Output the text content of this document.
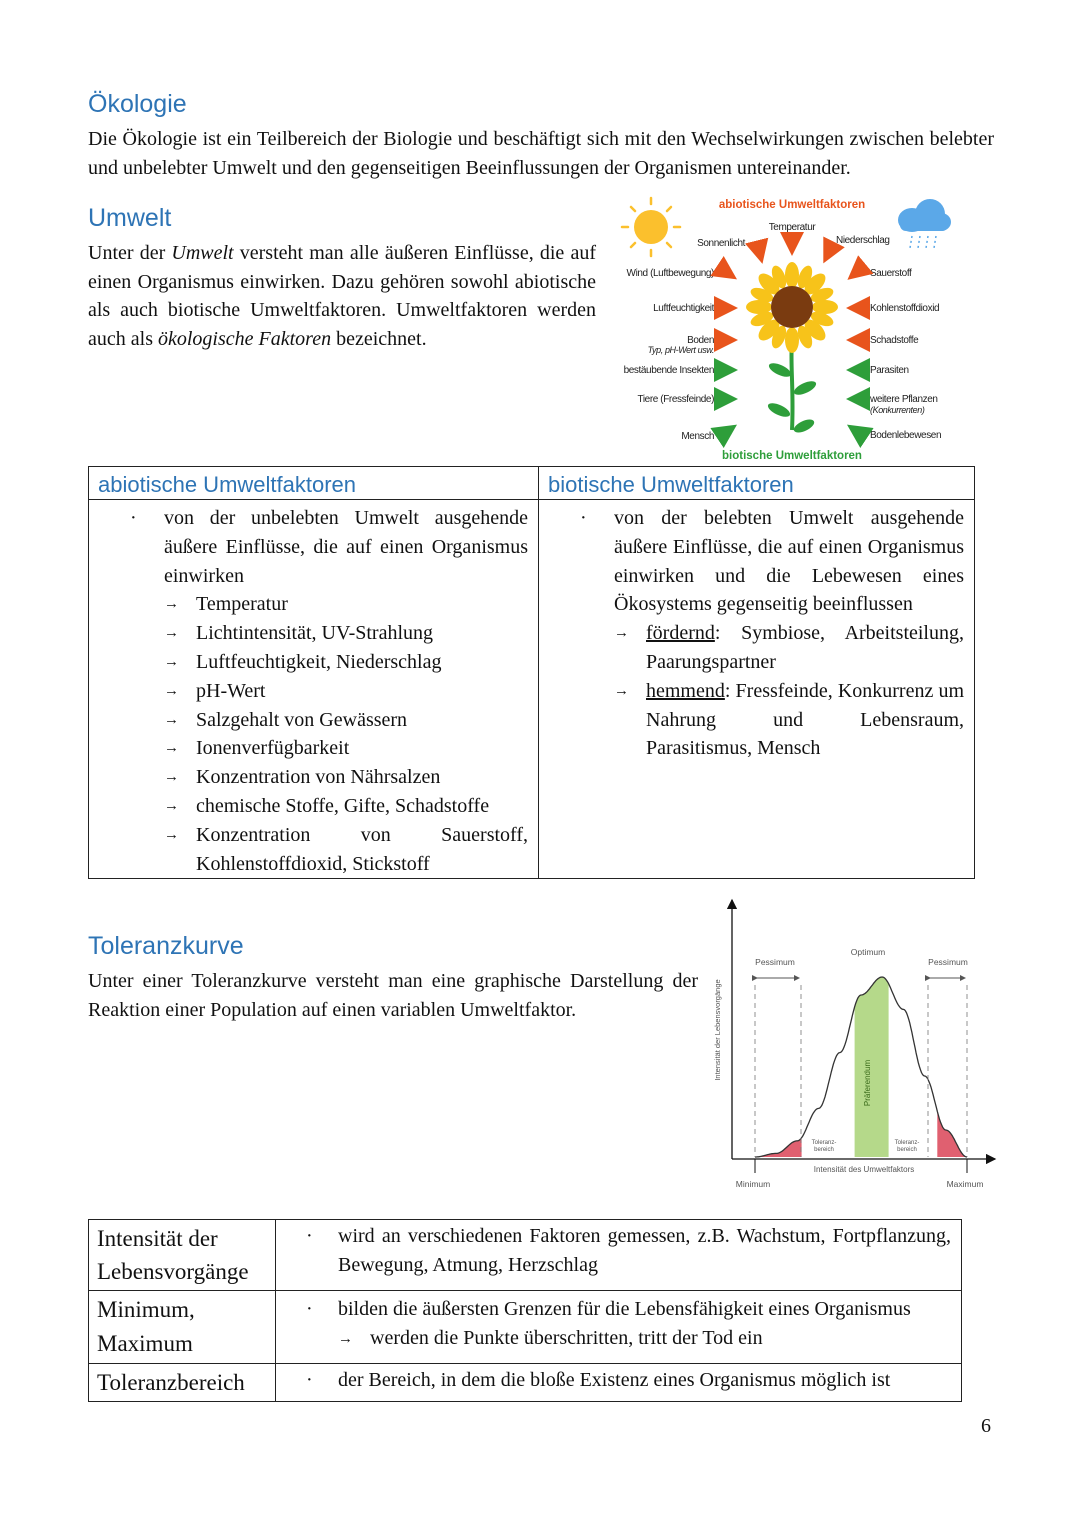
Ökologie

Die Ökologie ist ein Teilbereich der Biologie und beschäftigt sich mit den Wechselwirkungen zwischen belebter und unbelebter Umwelt und den gegenseitigen Beeinflussungen der Organismen untereinander.

Umwelt

Unter der Umwelt versteht man alle äußeren Einflüsse, die auf einen Organismus einwirken. Dazu gehören sowohl abiotische als auch biotische Umweltfaktoren. Umweltfaktoren werden auch als ökologische Faktoren bezeichnet.

abiotische Umweltfaktoren
biotische Umweltfaktoren
Sonnenlicht
Temperatur
Niederschlag
Wind (Luftbewegung)
Luftfeuchtigkeit
Boden
Typ, pH-Wert usw.
bestäubende Insekten
Tiere (Fressfeinde)
Mensch
Sauerstoff
Kohlenstoffdioxid
Schadstoffe
Parasiten
weitere Pflanzen
(Konkurrenten)
Bodenlebewesen
abiotische Umweltfaktoren
· von der unbelebten Umwelt ausgehende äußere Einflüsse, die auf einen Organismus einwirken
→ Temperatur
→ Lichtintensität, UV-Strahlung
→ Luftfeuchtigkeit, Niederschlag
→ pH-Wert
→ Salzgehalt von Gewässern
→ Ionenverfügbarkeit
→ Konzentration von Nährsalzen
→ chemische Stoffe, Gifte, Schadstoffe
→ Konzentration von Sauerstoff, Kohlenstoffdioxid, Stickstoff
biotische Umweltfaktoren
· von der belebten Umwelt ausgehende äußere Einflüsse, die auf einen Organismus einwirken und die Lebewesen eines Ökosystems gegenseitig beeinflussen
→ fördernd: Symbiose, Arbeitsteilung, Paarungspartner
→ hemmend: Fressfeinde, Konkurrenz um Nahrung und Lebensraum, Parasitismus, Mensch
Toleranzkurve

Unter einer Toleranzkurve versteht man eine graphische Darstellung der Reaktion einer Population auf einen variablen Umweltfaktor.	Intensität der Lebensvorgänge
Intensität des Umweltfaktors
Minimum	Maximum
Optimum
Pessimum	Pessimum
Präferendum
Toleranz-
bereich
Toleranz-
bereich
Intensität der Lebensvorgänge	· wird an verschiedenen Faktoren gemessen, z.B. Wachstum, Fortpflanzung, Bewegung, Atmung, Herzschlag
Minimum, Maximum	· bilden die äußersten Grenzen für die Lebensfähigkeit eines Organismus
→ werden die Punkte überschritten, tritt der Tod ein

Toleranzbereich	· der Bereich, in dem die bloße Existenz eines Organismus möglich ist
6
